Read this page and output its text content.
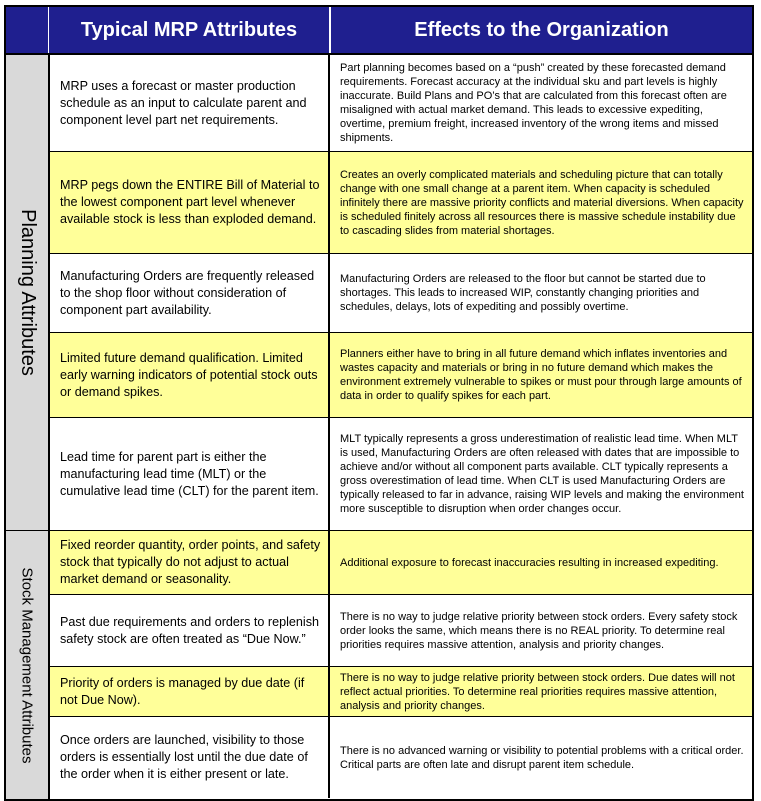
Typical MRP Attributes	Effects to the Organization
Planning Attributes
Stock Management Attributes
MRP uses a forecast or master production schedule as an input to calculate parent and component level part net requirements.
Part planning becomes based on a “push” created by these forecasted demand requirements. Forecast accuracy at the individual sku and part levels is highly inaccurate. Build Plans and PO’s that are calculated from this forecast often are misaligned with actual market demand. This leads to excessive expediting, overtime, premium freight, increased inventory of the wrong items and missed shipments.
MRP pegs down the ENTIRE Bill of Material to the lowest component part level whenever available stock is less than exploded demand.
Creates an overly complicated materials and scheduling picture that can totally change with one small change at a parent item. When capacity is scheduled infinitely there are massive priority conflicts and material diversions. When capacity is scheduled finitely across all resources there is massive schedule instability due to cascading slides from material shortages.
Manufacturing Orders are frequently released to the shop floor without consideration of component part availability.
Manufacturing Orders are released to the floor but cannot be started due to shortages. This leads to increased WIP, constantly changing priorities and schedules, delays, lots of expediting and possibly overtime.
Limited future demand qualification. Limited early warning indicators of potential stock outs or demand spikes.
Planners either have to bring in all future demand which inflates inventories and wastes capacity and materials or bring in no future demand which makes the environment extremely vulnerable to spikes or must pour through large amounts of data in order to qualify spikes for each part.
Lead time for parent part is either the manufacturing lead time (MLT) or the cumulative lead time (CLT) for the parent item.
MLT typically represents a gross underestimation of realistic lead time. When MLT is used, Manufacturing Orders are often released with dates that are impossible to achieve and/or without all component parts available. CLT typically represents a gross overestimation of lead time. When CLT is used Manufacturing Orders are typically released to far in advance, raising WIP levels and making the environment more susceptible to disruption when order changes occur.
Fixed reorder quantity, order points, and safety stock that typically do not adjust to actual market demand or seasonality.
Additional exposure to forecast inaccuracies resulting in increased expediting.
Past due requirements and orders to replenish safety stock are often treated as “Due Now.”
There is no way to judge relative priority between stock orders. Every safety stock order looks the same, which means there is no REAL priority. To determine real priorities requires massive attention, analysis and priority changes.
Priority of orders is managed by due date (if not Due Now).
There is no way to judge relative priority between stock orders. Due dates will not reflect actual priorities. To determine real priorities requires massive attention, analysis and priority changes.
Once orders are launched, visibility to those orders is essentially lost until the due date of the order when it is either present or late.
There is no advanced warning or visibility to potential problems with a critical order. Critical parts are often late and disrupt parent item schedule.
